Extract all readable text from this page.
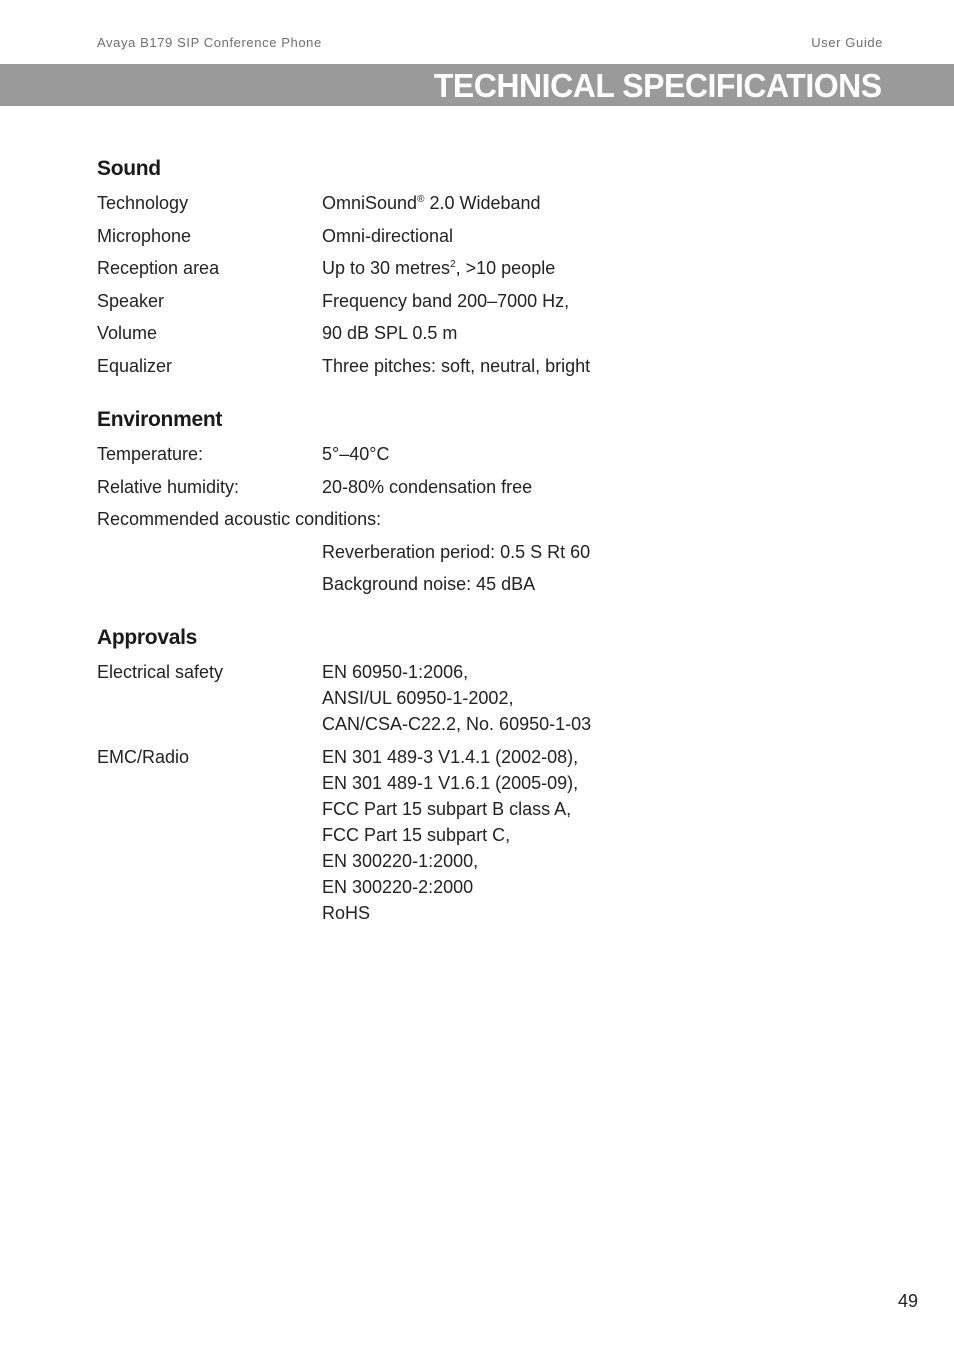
Avaya B179 SIP Conference Phone	User Guide
TECHNICAL SPECIFICATIONS
Sound
Technology	OmniSound® 2.0 Wideband
Microphone	Omni-directional
Reception area	Up to 30 metres$^2$, >10 people
Speaker	Frequency band 200–7000 Hz,
Volume	90 dB SPL 0.5 m
Equalizer	Three pitches: soft, neutral, bright
Environment
Temperature:	5°–40°C
Relative humidity:	20-80% condensation free
Recommended acoustic conditions:
Reverberation period: 0.5 S Rt 60
Background noise: 45 dBA
Approvals
Electrical safety	EN 60950-1:2006,
ANSI/UL 60950-1-2002,
CAN/CSA-C22.2, No. 60950-1-03
EMC/Radio	EN 301 489-3 V1.4.1 (2002-08),
EN 301 489-1 V1.6.1 (2005-09),
FCC Part 15 subpart B class A,
FCC Part 15 subpart C,
EN 300220-1:2000,
EN 300220-2:2000
RoHS
49
